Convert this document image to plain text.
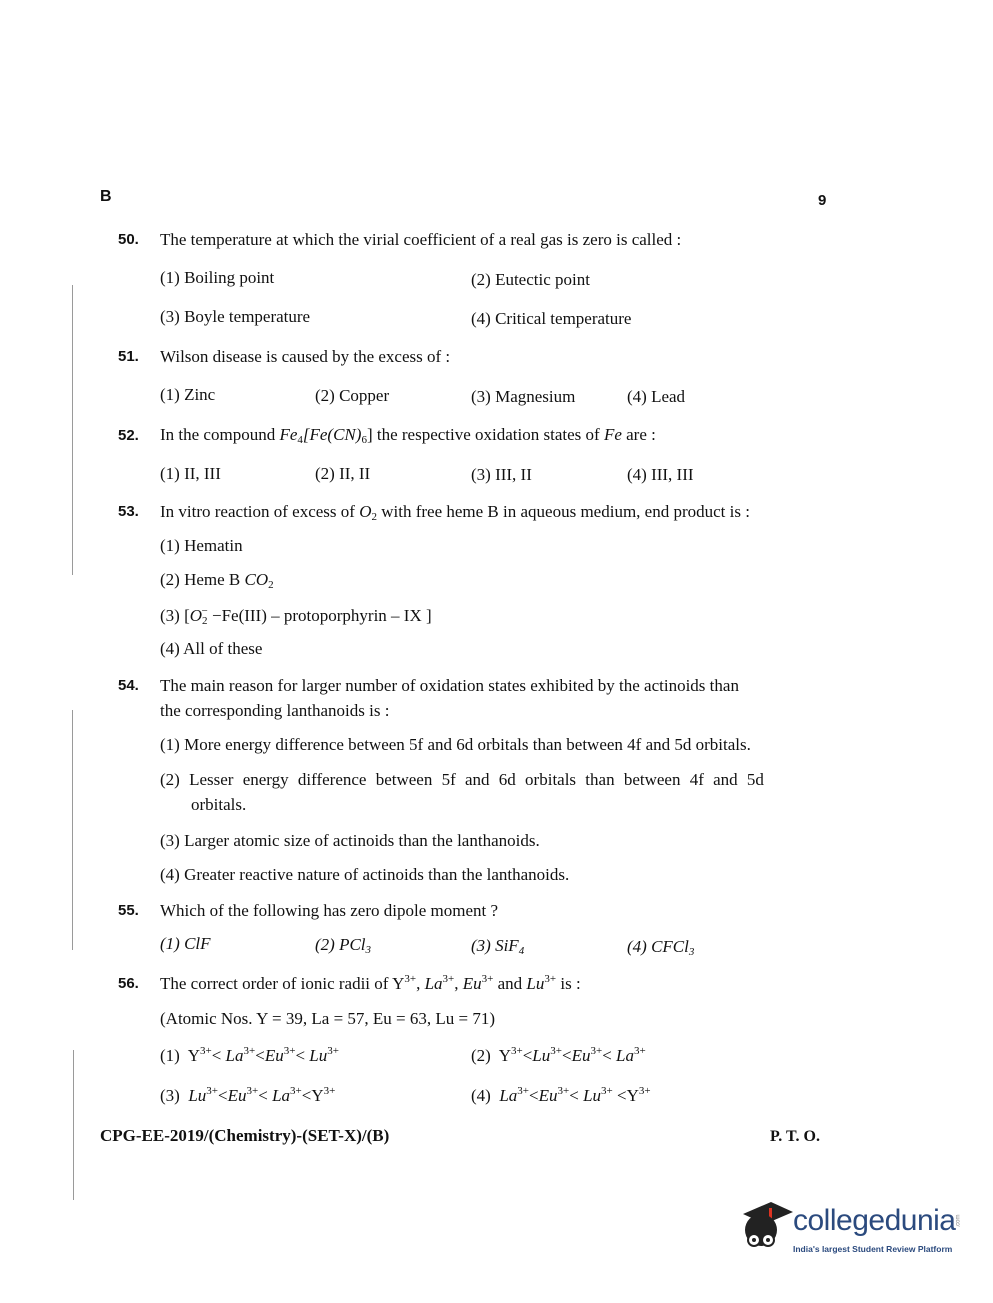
B	9
50. The temperature at which the virial coefficient of a real gas is zero is called :
(1) Boiling point	(2) Eutectic point
(3) Boyle temperature	(4) Critical temperature
51. Wilson disease is caused by the excess of :
(1) Zinc	(2) Copper	(3) Magnesium	(4) Lead
52. In the compound $Fe_4[Fe(CN)_6]$ the respective oxidation states of Fe are :
(1) II, III	(2) II, II	(3) III, II	(4) III, III
53. In vitro reaction of excess of $O_2$ with free heme B in aqueous medium, end product is :
(1) Hematin
(2) Heme B $CO_2$
(3) [$O_2^- -Fe(III)$ – protoporphyrin – IX ]
(4) All of these
54. The main reason for larger number of oxidation states exhibited by the actinoids than
the corresponding lanthanoids is :
(1) More energy difference between 5f and 6d orbitals than between 4f and 5d orbitals.
(2) Lesser energy difference between 5f and 6d orbitals than between 4f and 5d
orbitals.
(3) Larger atomic size of actinoids than the lanthanoids.
(4) Greater reactive nature of actinoids than the lanthanoids.
55. Which of the following has zero dipole moment ?
(1) ClF	(2) PCl$_3$	(3) SiF$_4$	(4) CFCl$_3$
56. The correct order of ionic radii of $Y^{3+}$, $La^{3+}$, $Eu^{3+}$ and $Lu^{3+}$ is :
(Atomic Nos. Y = 39, La = 57, Eu = 63, Lu = 71)
(1) $Y^{3+}< La^{3+}<Eu^{3+}< Lu^{3+}$	(2) $Y^{3+}<Lu^{3+}<Eu^{3+}< La^{3+}$
(3) $Lu^{3+}<Eu^{3+}< La^{3+}<Y^{3+}$	(4) $La^{3+}<Eu^{3+}< Lu^{3+} <Y^{3+}$
CPG-EE-2019/(Chemistry)-(SET-X)/(B)	P. T. O.
collegedunia
India's largest Student Review Platform
.com
